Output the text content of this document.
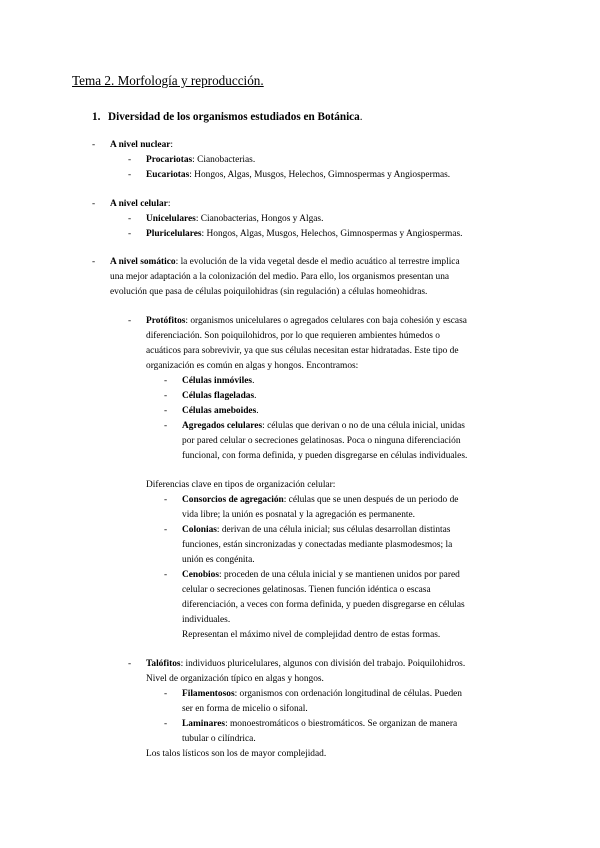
Tema 2. Morfología y reproducción.
1. Diversidad de los organismos estudiados en Botánica.
- A nivel nuclear:
- Procariotas: Cianobacterias.
- Eucariotas: Hongos, Algas, Musgos, Helechos, Gimnospermas y Angiospermas.
- A nivel celular:
- Unicelulares: Cianobacterias, Hongos y Algas.
- Pluricelulares: Hongos, Algas, Musgos, Helechos, Gimnospermas y Angiospermas.
- A nivel somático: la evolución de la vida vegetal desde el medio acuático al terrestre implica
una mejor adaptación a la colonización del medio. Para ello, los organismos presentan una
evolución que pasa de células poiquilohidras (sin regulación) a células homeohidras.
- Protófitos: organismos unicelulares o agregados celulares con baja cohesión y escasa
diferenciación. Son poiquilohidros, por lo que requieren ambientes húmedos o
acuáticos para sobrevivir, ya que sus células necesitan estar hidratadas. Este tipo de
organización es común en algas y hongos. Encontramos:
- Células inmóviles.
- Células flageladas.
- Células ameboides.
- Agregados celulares: células que derivan o no de una célula inicial, unidas
por pared celular o secreciones gelatinosas. Poca o ninguna diferenciación
funcional, con forma definida, y pueden disgregarse en células individuales.
Diferencias clave en tipos de organización celular:
- Consorcios de agregación: células que se unen después de un periodo de
vida libre; la unión es posnatal y la agregación es permanente.
- Colonias: derivan de una célula inicial; sus células desarrollan distintas
funciones, están sincronizadas y conectadas mediante plasmodesmos; la
unión es congénita.
- Cenobios: proceden de una célula inicial y se mantienen unidos por pared
celular o secreciones gelatinosas. Tienen función idéntica o escasa
diferenciación, a veces con forma definida, y pueden disgregarse en células
individuales.
Representan el máximo nivel de complejidad dentro de estas formas.
- Talófitos: individuos pluricelulares, algunos con división del trabajo. Poiquilohidros.
Nivel de organización típico en algas y hongos.
- Filamentosos: organismos con ordenación longitudinal de células. Pueden
ser en forma de micelio o sifonal.
- Laminares: monoestromáticos o biestromáticos. Se organizan de manera
tubular o cilíndrica.
Los talos lísticos son los de mayor complejidad.
